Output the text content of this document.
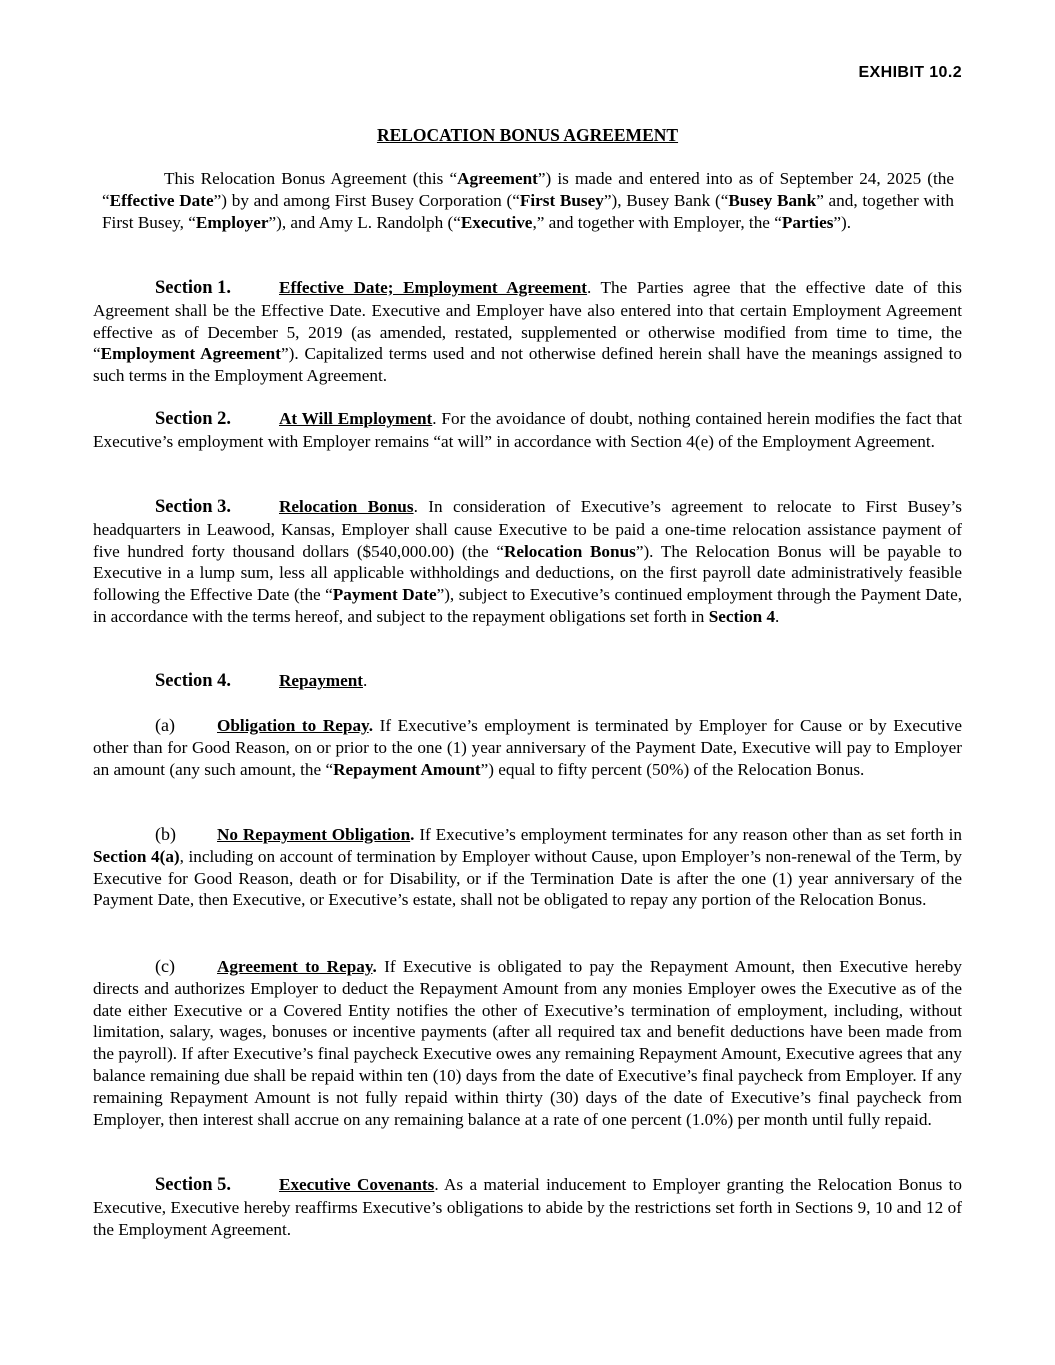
EXHIBIT 10.2
RELOCATION BONUS AGREEMENT

This Relocation Bonus Agreement (this “Agreement”) is made and entered into as of September 24, 2025 (the “Effective Date”) by and among First Busey Corporation (“First Busey”), Busey Bank (“Busey Bank” and, together with First Busey, “Employer”), and Amy L. Randolph (“Executive,” and together with Employer, the “Parties”).

Section 1.	Effective Date; Employment Agreement. The Parties agree that the effective date of this Agreement shall be the Effective Date. Executive and Employer have also entered into that certain Employment Agreement effective as of December 5, 2019 (as amended, restated, supplemented or otherwise modified from time to time, the “Employment Agreement”). Capitalized terms used and not otherwise defined herein shall have the meanings assigned to such terms in the Employment Agreement.

Section 2.	At Will Employment. For the avoidance of doubt, nothing contained herein modifies the fact that Executive’s employment with Employer remains “at will” in accordance with Section 4(e) of the Employment Agreement.

Section 3.	Relocation Bonus. In consideration of Executive’s agreement to relocate to First Busey’s headquarters in Leawood, Kansas, Employer shall cause Executive to be paid a one-time relocation assistance payment of five hundred forty thousand dollars ($540,000.00) (the “Relocation Bonus”). The Relocation Bonus will be payable to Executive in a lump sum, less all applicable withholdings and deductions, on the first payroll date administratively feasible following the Effective Date (the “Payment Date”), subject to Executive’s continued employment through the Payment Date, in accordance with the terms hereof, and subject to the repayment obligations set forth in Section 4.

Section 4.	Repayment.

(a) Obligation to Repay. If Executive’s employment is terminated by Employer for Cause or by Executive other than for Good Reason, on or prior to the one (1) year anniversary of the Payment Date, Executive will pay to Employer an amount (any such amount, the “Repayment Amount”) equal to fifty percent (50%) of the Relocation Bonus.

(b) No Repayment Obligation. If Executive’s employment terminates for any reason other than as set forth in Section 4(a), including on account of termination by Employer without Cause, upon Employer’s non-renewal of the Term, by Executive for Good Reason, death or for Disability, or if the Termination Date is after the one (1) year anniversary of the Payment Date, then Executive, or Executive’s estate, shall not be obligated to repay any portion of the Relocation Bonus.

(c) Agreement to Repay. If Executive is obligated to pay the Repayment Amount, then Executive hereby directs and authorizes Employer to deduct the Repayment Amount from any monies Employer owes the Executive as of the date either Executive or a Covered Entity notifies the other of Executive’s termination of employment, including, without limitation, salary, wages, bonuses or incentive payments (after all required tax and benefit deductions have been made from the payroll). If after Executive’s final paycheck Executive owes any remaining Repayment Amount, Executive agrees that any balance remaining due shall be repaid within ten (10) days from the date of Executive’s final paycheck from Employer. If any remaining Repayment Amount is not fully repaid within thirty (30) days of the date of Executive’s final paycheck from Employer, then interest shall accrue on any remaining balance at a rate of one percent (1.0%) per month until fully repaid.

Section 5.	Executive Covenants. As a material inducement to Employer granting the Relocation Bonus to Executive, Executive hereby reaffirms Executive’s obligations to abide by the restrictions set forth in Sections 9, 10 and 12 of the Employment Agreement.
